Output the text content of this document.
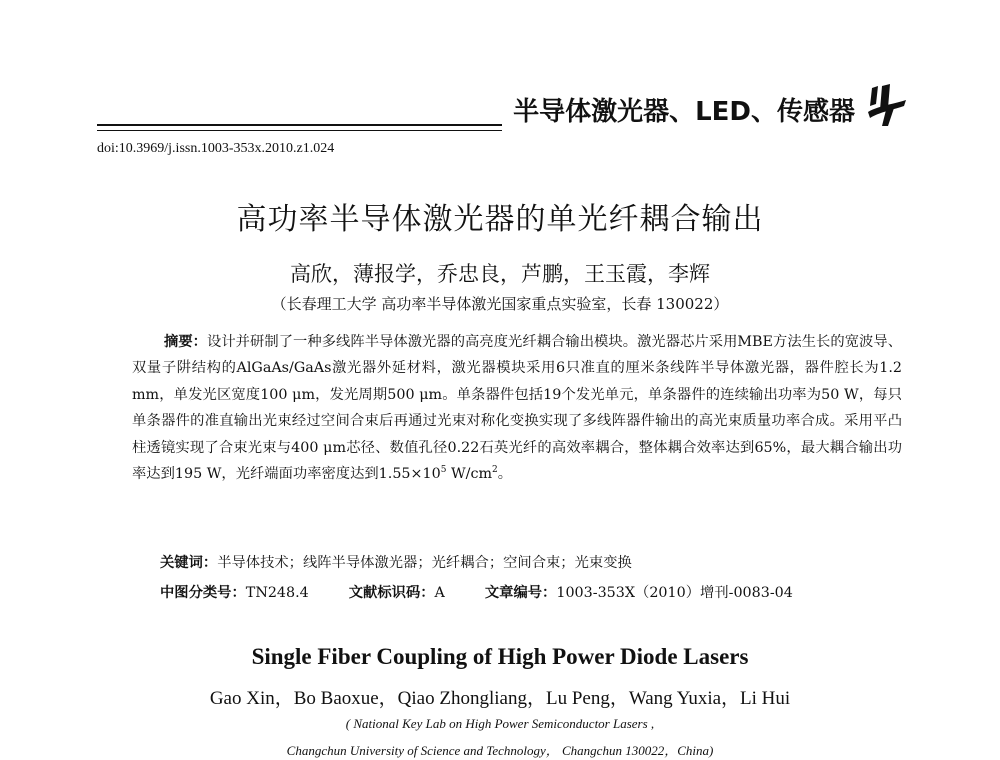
半导体激光器、LED、传感器
doi:10.3969/j.issn.1003-353x.2010.z1.024
高功率半导体激光器的单光纤耦合输出
高欣，薄报学，乔忠良，芦鹏，王玉霞，李辉
（长春理工大学 高功率半导体激光国家重点实验室，长春 130022）
摘要：设计并研制了一种多线阵半导体激光器的高亮度光纤耦合输出模块。激光器芯片采用MBE方法生长的宽波导、双量子阱结构的AlGaAs/GaAs激光器外延材料，激光器模块采用6只准直的厘米条线阵半导体激光器，器件腔长为1.2 mm，单发光区宽度100 μm，发光周期500 μm。单条器件包括19个发光单元，单条器件的连续输出功率为50 W，每只单条器件的准直输出光束经过空间合束后再通过光束对称化变换实现了多线阵器件输出的高光束质量功率合成。采用平凸柱透镜实现了合束光束与400 μm芯径、数值孔径0.22石英光纤的高效率耦合，整体耦合效率达到65%，最大耦合输出功率达到195 W，光纤端面功率密度达到$1.55\times 10^5$ $W/cm^2$。
关键词：半导体技术；线阵半导体激光器；光纤耦合；空间合束；光束变换
中图分类号：TN248.4	文献标识码：A	文章编号：1003-353X（2010）增刊-0083-04
Single Fiber Coupling of High Power Diode Lasers
Gao Xin，Bo Baoxue，Qiao Zhongliang，Lu Peng，Wang Yuxia，Li Hui
( National Key Lab on High Power Semiconductor Lasers ,
Changchun University of Science and Technology， Changchun 130022，China)
